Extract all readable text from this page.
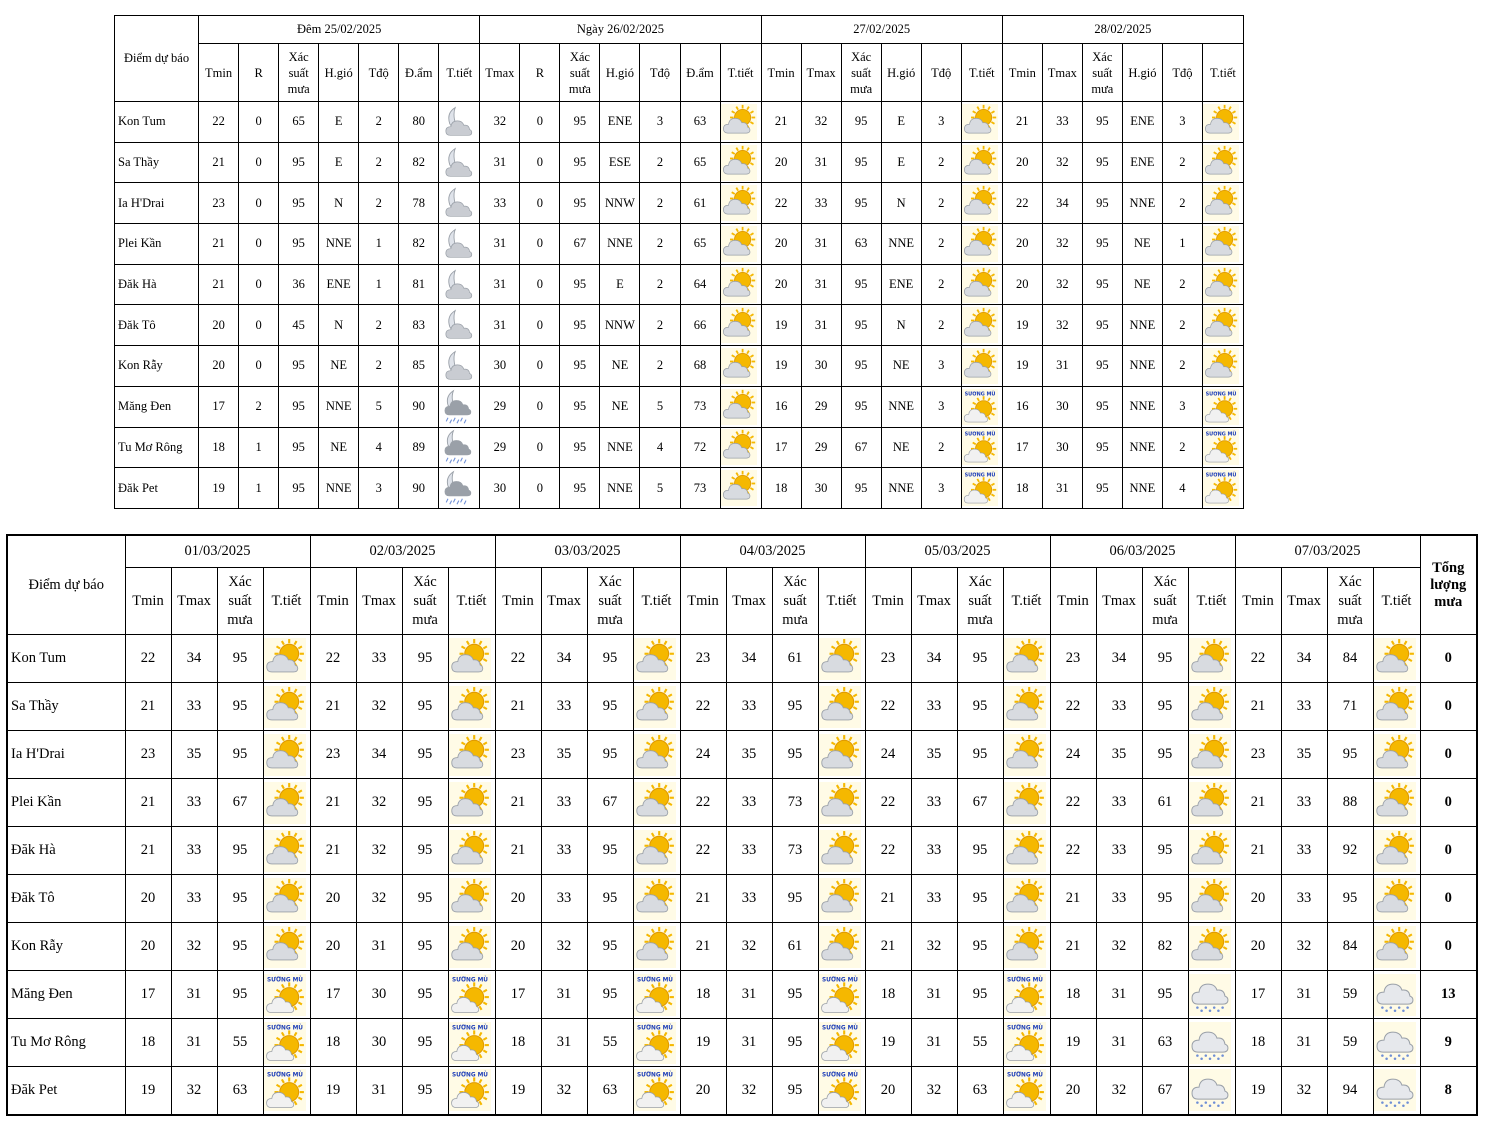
Điểm dự báo	Đêm 25/02/2025							Ngày 26/02/2025							27/02/2025						28/02/2025					
	Tmin	R	Xác suất mưa	H.gió	Tđộ	Đ.ẩm	T.tiết	Tmax	R	Xác suất mưa	H.gió	Tđộ	Đ.ẩm	T.tiết	Tmin	Tmax	Xác suất mưa	H.gió	Tđộ	T.tiết	Tmin	Tmax	Xác suất mưa	H.gió	Tđộ	T.tiết
Kon Tum	22	0	65	E	2	80		32	0	95	ENE	3	63		21	32	95	E	3		21	33	95	ENE	3	

Sa Thầy	21	0	95	E	2	82		31	0	95	ESE	2	65		20	31	95	E	2		20	32	95	ENE	2	

Ia H'Drai	23	0	95	N	2	78		33	0	95	NNW	2	61		22	33	95	N	2		22	34	95	NNE	2	

Plei Kần	21	0	95	NNE	1	82		31	0	67	NNE	2	65		20	31	63	NNE	2		20	32	95	NE	1	

Đăk Hà	21	0	36	ENE	1	81		31	0	95	E	2	64		20	31	95	ENE	2		20	32	95	NE	2	

Đăk Tô	20	0	45	N	2	83		31	0	95	NNW	2	66		19	31	95	N	2		19	32	95	NNE	2	

Kon Rẫy	20	0	95	NE	2	85		30	0	95	NE	2	68		19	30	95	NE	3		19	31	95	NNE	2	

Măng Đen	17	2	95	NNE	5	90		29	0	95	NE	5	73		16	29	95	NNE	3	SƯƠNG MÙ	16	30	95	NNE	3	SƯƠNG MÙ

Tu Mơ Rông	18	1	95	NE	4	89		29	0	95	NNE	4	72		17	29	67	NE	2	SƯƠNG MÙ	17	30	95	NNE	2	SƯƠNG MÙ

Đăk Pet	19	1	95	NNE	3	90		30	0	95	NNE	5	73		18	30	95	NNE	3	SƯƠNG MÙ	18	31	95	NNE	4	SƯƠNG MÙ
Điểm dự báo	01/03/2025				02/03/2025				03/03/2025				04/03/2025				05/03/2025				06/03/2025				07/03/2025				Tổng lượng mưa
	Tmin	Tmax	Xác suất mưa	T.tiết	Tmin	Tmax	Xác suất mưa	T.tiết	Tmin	Tmax	Xác suất mưa	T.tiết	Tmin	Tmax	Xác suất mưa	T.tiết	Tmin	Tmax	Xác suất mưa	T.tiết	Tmin	Tmax	Xác suất mưa	T.tiết	Tmin	Tmax	Xác suất mưa	T.tiết	
Kon Tum	22	34	95		22	33	95		22	34	95		23	34	61		23	34	95		23	34	95		22	34	84		0
Sa Thầy	21	33	95		21	32	95		21	33	95		22	33	95		22	33	95		22	33	95		21	33	71		0
Ia H'Drai	23	35	95		23	34	95		23	35	95		24	35	95		24	35	95		24	35	95		23	35	95		0
Plei Kần	21	33	67		21	32	95		21	33	67		22	33	73		22	33	67		22	33	61		21	33	88		0
Đăk Hà	21	33	95		21	32	95		21	33	95		22	33	73		22	33	95		22	33	95		21	33	92		0
Đăk Tô	20	33	95		20	32	95		20	33	95		21	33	95		21	33	95		21	33	95		20	33	95		0
Kon Rẫy	20	32	95		20	31	95		20	32	95		21	32	61		21	32	95		21	32	82		20	32	84		0
Măng Đen	17	31	95	SƯƠNG MÙ	17	30	95	SƯƠNG MÙ	17	31	95	SƯƠNG MÙ	18	31	95	SƯƠNG MÙ	18	31	95	SƯƠNG MÙ	18	31	95		17	31	59		13
Tu Mơ Rông	18	31	55	SƯƠNG MÙ	18	30	95	SƯƠNG MÙ	18	31	55	SƯƠNG MÙ	19	31	95	SƯƠNG MÙ	19	31	55	SƯƠNG MÙ	19	31	63		18	31	59		9
Đăk Pet	19	32	63	SƯƠNG MÙ	19	31	95	SƯƠNG MÙ	19	32	63	SƯƠNG MÙ	20	32	95	SƯƠNG MÙ	20	32	63	SƯƠNG MÙ	20	32	67		19	32	94		8
